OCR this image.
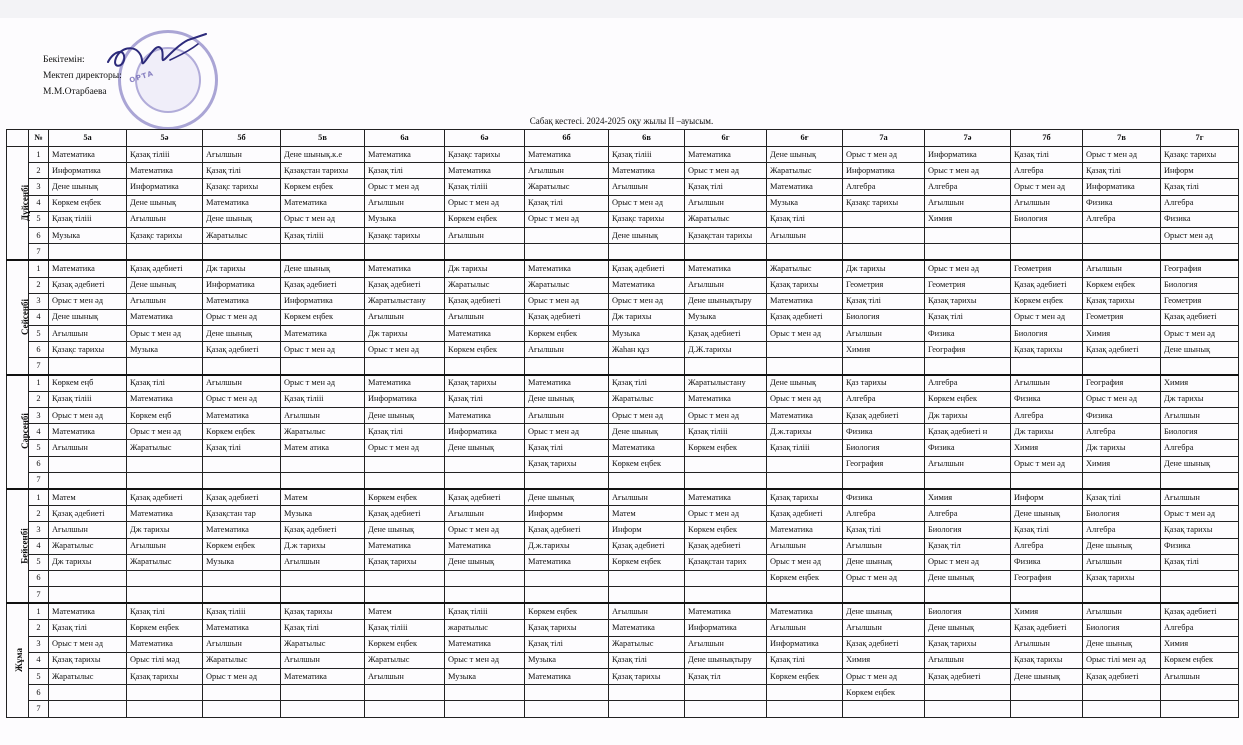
ОРТА
Бекітемін:
Мектеп директоры:
М.М.Отарбаева
Сабақ кестесі. 2024-2025 оқу жылы ІІ –ауысым.
	№	5а	5ә	5б	5в	6а	6ә	6б	6в	6г	6ғ	7а	7ә	7б	7в	7г
Дүйсенбі	1	Математика	Қазақ тілііі	Ағылшын	Дене шынық.к.е	Математика	Қазақс тарихы	Математика	Қазақ тілііі	Математика	Дене шынық	Орыс т мен әд	Информатика	Қазақ тілі	Орыс т мен әд	Қазақс тарихы
	2	Информатика	Математика	Қазақ тілі	Қазақстан тарихы	Қазақ тілі	Математика	Ағылшын	Математика	Орыс т мен әд	Жаратылыс	Информатика	Орыс т мен әд	Алгебра	Қазақ тілі	Информ
	3	Дене шынық	Информатика	Қазақс тарихы	Көркем еңбек	Орыс т мен әд	Қазақ тілііі	Жаратылыс	Ағылшын	Қазақ тілі	Математика	Алгебра	Алгебра	Орыс т мен әд	Информатика	Қазақ тілі
	4	Көркем еңбек	Дене шынық	Математика	Математика	Ағылшын	Орыс т мен әд	Қазақ тілі	Орыс т мен әд	Ағылшын	Музыка	Қазақс тарихы	Ағылшын	Ағылшын	Физика	Алгебра
	5	Қазақ тілііі	Ағылшын	Дене шынық	Орыс т мен әд	Музыка	Көркем еңбек	Орыс т мен әд	Қазақс тарихы	Жаратылыс	Қазақ тілі		Химия	Биология	Алгебра	Физика
	6	Музыка	Қазақс тарихы	Жаратылыс	Қазақ тілііі	Қазақс тарихы	Ағылшын		Дене шынық	Қазақстан тарихы	Ағылшын					Орыст мен әд
	7															
Сейсенбі	1	Математика	Қазақ әдебиеті	Дж тарихы	Дене шынық	Математика	Дж тарихы	Математика	Қазақ әдебиеті	Математика	Жаратылыс	Дж тарихы	Орыс т мен әд	Геометрия	Ағылшын	География
	2	Қазақ әдебиеті	Дене шынық	Информатика	Қазақ әдебиеті	Қазақ әдебиеті	Жаратылыс	Жаратылыс	Математика	Ағылшын	Қазақ тарихы	Геометрия	Геометрия	Қазақ әдебиеті	Көркем еңбек	Биология
	3	Орыс т мен әд	Ағылшын	Математика	Информатика	Жаратылыстану	Қазақ әдебиеті	Орыс т мен әд	Орыс т мен әд	Дене шынықтыру	Математика	Қазақ тілі	Қазақ тарихы	Көркем еңбек	Қазақ тарихы	Геометрия
	4	Дене шынық	Математика	Орыс т мен әд	Көркем еңбек	Ағылшын	Ағылшын	Қазақ әдебиеті	Дж тарихы	Музыка	Қазақ әдебиеті	Биология	Қазақ тілі	Орыс т мен әд	Геометрия	Қазақ әдебиеті
	5	Ағылшын	Орыс т мен әд	Дене шынық	Математика	Дж тарихы	Математика	Көркем еңбек	Музыка	Қазақ әдебиеті	Орыс т мен әд	Ағылшын	Физика	Биология	Химия	Орыс т мен әд
	6	Қазақс тарихы	Музыка	Қазақ әдебиеті	Орыс т мен әд	Орыс т мен әд	Көркем еңбек	Ағылшын	Жаһан құз	Д.Ж.тарихы		Химия	География	Қазақ тарихы	Қазақ әдебиеті	Дене шынық
	7															
Сәрсенбі	1	Көркем еңб	Қазақ тілі	Ағылшын	Орыс т мен әд	Математика	Қазақ тарихы	Математика	Қазақ тілі	Жаратылыстану	Дене шынық	Қаз тарихы	Алгебра	Ағылшын	География	Химия
	2	Қазақ тілііі	Математика	Орыс т мен әд	Қазақ тілііі	Информатика	Қазақ тілі	Дене шынық	Жаратылыс	Математика	Орыс т мен әд	Алгебра	Көркем еңбек	Физика	Орыс т мен әд	Дж тарихы
	3	Орыс т мен әд	Көркем еңб	Математика	Ағылшын	Дене шынық	Математика	Ағылшын	Орыс т мен әд	Орыс т мен әд	Математика	Қазақ әдебиеті	Дж тарихы	Алгебра	Физика	Ағылшын
	4	Математика	Орыс т мен әд	Көркем еңбек	Жаратылыс	Қазақ тілі	Информатика	Орыс т мен әд	Дене шынық	Қазақ тілііі	Д.ж.тарихы	Физика	Қазақ әдебиеті н	Дж тарихы	Алгебра	Биология
	5	Ағылшын	Жаратылыс	Қазақ тілі	Матем атика	Орыс т мен әд	Дене шынық	Қазақ тілі	Математика	Көркем еңбек	Қазақ тілііі	Биология	Физика	Химия	Дж тарихы	Алгебра
	6							Қазақ тарихы	Көркем еңбек			География	Ағылшын	Орыс т мен әд	Химия	Дене шынық
	7															
Бейсенбі	1	Матем	Қазақ әдебиеті	Қазақ әдебиеті	Матем	Көркем еңбек	Қазақ әдебиеті	Дене шынық	Ағылшын	Математика	Қазақ тарихы	Физика	Химия	Информ	Қазақ тілі	Ағылшын
	2	Қазақ әдебиеті	Математика	Қазақстан тар	Музыка	Қазақ әдебиеті	Ағылшын	Информм	Матем	Орыс т мен әд	Қазақ әдебиеті	Алгебра	Алгебра	Дене шынық	Биология	Орыс т мен әд
	3	Ағылшын	Дж тарихы	Математика	Қазақ әдебиеті	Дене шынық	Орыс т мен әд	Қазақ әдебиеті	Информ	Көркем еңбек	Математика	Қазақ тілі	Биология	Қазақ тілі	Алгебра	Қазақ тарихы
	4	Жаратылыс	Ағылшын	Көркем еңбек	Д.ж тарихы	Математика	Математика	Д.ж.тарихы	Қазақ әдебиеті	Қазақ әдебиеті	Ағылшын	Ағылшын	Қазақ тіл	Алгебра	Дене шынық	Физика
	5	Дж тарихы	Жаратылыс	Музыка	Ағылшын	Қазақ тарихы	Дене шынық	Математика	Көркем еңбек	Қазақстан тарих	Орыс т мен әд	Дене шынық	Орыс т мен әд	Физика	Ағылшын	Қазақ тілі
	6										Көркем еңбек	Орыс т мен әд	Дене шынық	География	Қазақ тарихы	
	7															
Жұма	1	Математика	Қазақ тілі	Қазақ тілііі	Қазақ тарихы	Матем	Қазақ тілііі	Көркем еңбек	Ағылшын	Математика	Математика	Дене шынық	Биология	Химия	Ағылшын	Қазақ әдебиеті
	2	Қазақ тілі	Көркем еңбек	Математика	Қазақ тілі	Қазақ тілііі	жаратылыс	Қазақ тарихы	Математика	Информатика	Ағылшын	Ағылшын	Дене шынық	Қазақ әдебиеті	Биология	Алгебра
	3	Орыс т мен әд	Математика	Ағылшын	Жаратылыс	Көркем еңбек	Математика	Қазақ тілі	Жаратылыс	Ағылшын	Информатика	Қазақ әдебиеті	Қазақ тарихы	Ағылшын	Дене шынық	Химия
	4	Қазақ тарихы	Орыс тілі мәд	Жаратылыс	Ағылшын	Жаратылыс	Орыс т мен әд	Музыка	Қазақ тілі	Дене шынықтыру	Қазақ тілі	Химия	Ағылшын	Қазақ тарихы	Орыс тілі мен әд	Көркем еңбек
	5	Жаратылыс	Қазақ тарихы	Орыс т мен әд	Математика	Ағылшын	Музыка	Математика	Қазақ тарихы	Қазақ тіл	Көркем еңбек	Орыс т мен әд	Қазақ әдебиеті	Дене шынық	Қазақ әдебиеті	Ағылшын
	6											Көркем еңбек				
	7															
